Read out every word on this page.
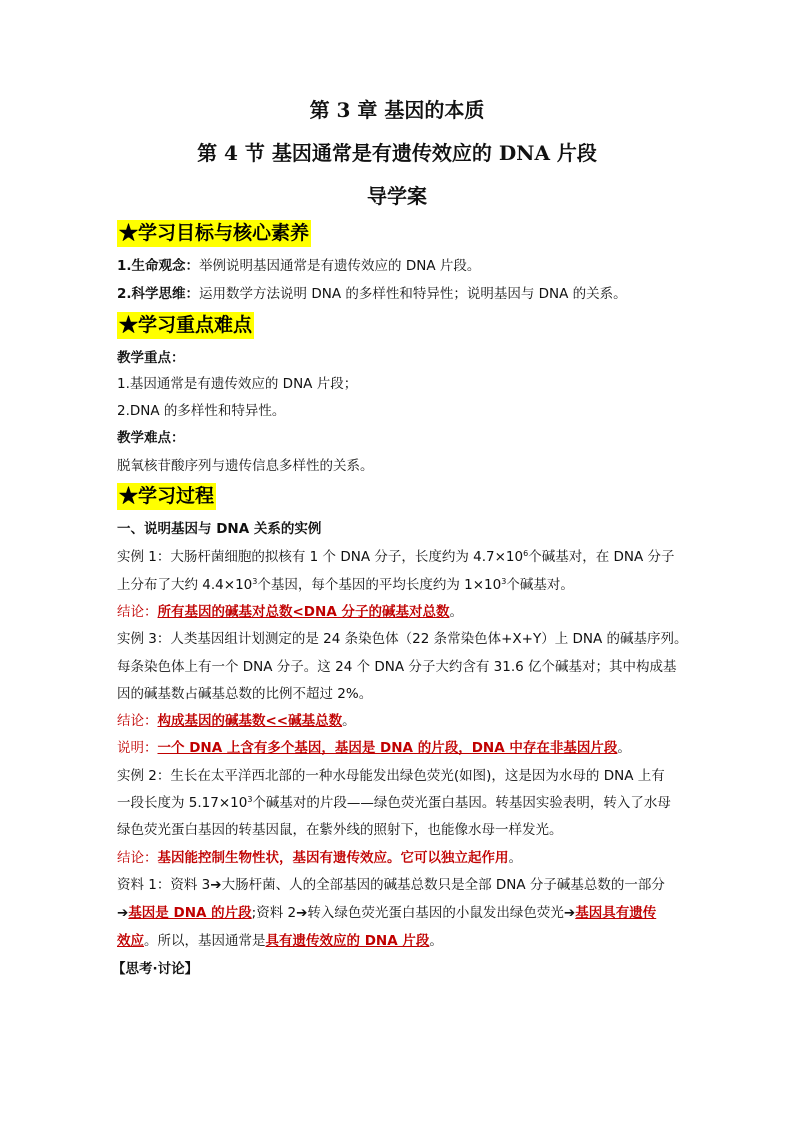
第 3 章 基因的本质
第 4 节 基因通常是有遗传效应的 DNA 片段
导学案
★学习目标与核心素养
1.生命观念：举例说明基因通常是有遗传效应的 DNA 片段。
2.科学思维：运用数学方法说明 DNA 的多样性和特异性；说明基因与 DNA 的关系。
★学习重点难点
教学重点：
1.基因通常是有遗传效应的 DNA 片段；
2.DNA 的多样性和特异性。
教学难点：
脱氧核苷酸序列与遗传信息多样性的关系。
★学习过程
一、说明基因与 DNA 关系的实例
实例 1：大肠杆菌细胞的拟核有 1 个 DNA 分子，长度约为 $4.7\times 10^6$个碱基对，在 DNA 分子
上分布了大约 $4.4\times 10^3$个基因，每个基因的平均长度约为 $1\times 10^3$个碱基对。
结论：所有基因的碱基对总数<DNA 分子的碱基对总数。
实例 3：人类基因组计划测定的是 24 条染色体（22 条常染色体+X+Y）上 DNA 的碱基序列。
每条染色体上有一个 DNA 分子。这 24 个 DNA 分子大约含有 31.6 亿个碱基对；其中构成基
因的碱基数占碱基总数的比例不超过 2%。
结论：构成基因的碱基数<<碱基总数。
说明：一个 DNA 上含有多个基因，基因是 DNA 的片段，DNA 中存在非基因片段。
实例 2：生长在太平洋西北部的一种水母能发出绿色荧光(如图)，这是因为水母的 DNA 上有
一段长度为 $5.17\times 10^3$个碱基对的片段——绿色荧光蛋白基因。转基因实验表明，转入了水母
绿色荧光蛋白基因的转基因鼠，在紫外线的照射下，也能像水母一样发光。
结论：基因能控制生物性状，基因有遗传效应。它可以独立起作用。
资料 1：资料 3➔大肠杆菌、人的全部基因的碱基总数只是全部 DNA 分子碱基总数的一部分
➔基因是 DNA 的片段;资料 2➔转入绿色荧光蛋白基因的小鼠发出绿色荧光➔基因具有遗传
效应。所以，基因通常是具有遗传效应的 DNA 片段。
【思考·讨论】
